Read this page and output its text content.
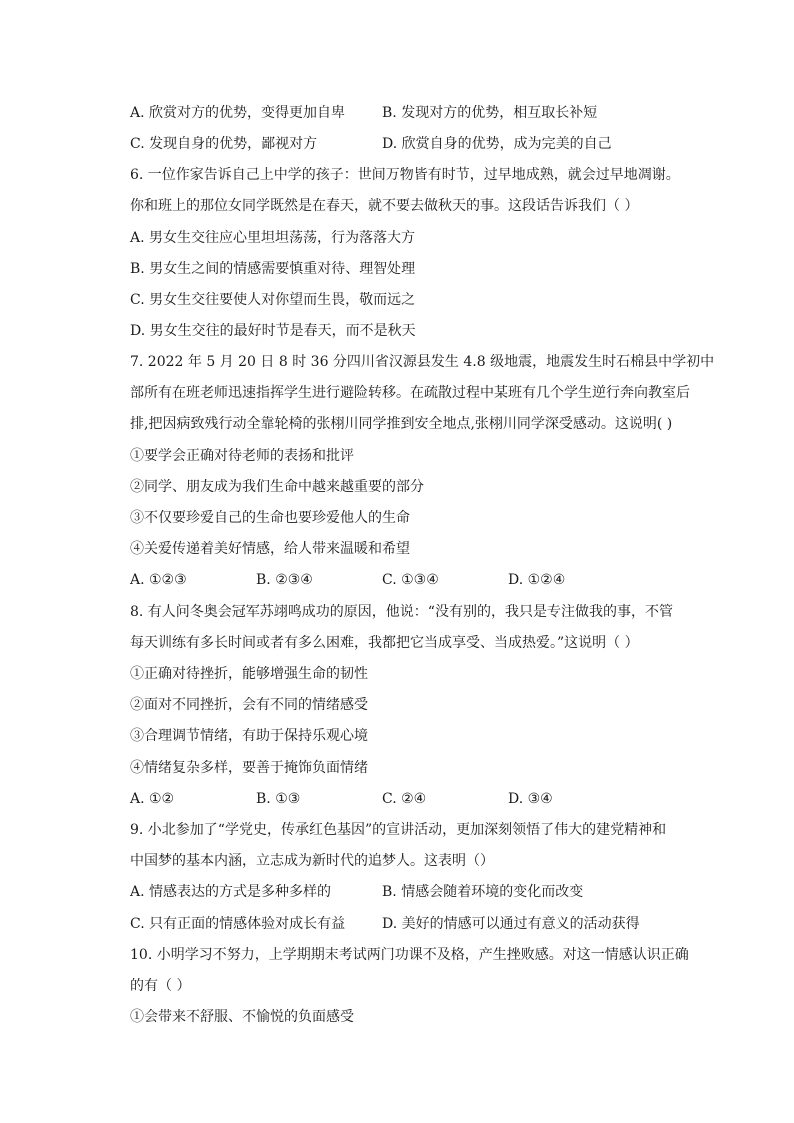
A. 欣赏对方的优势，变得更加自卑	B. 发现对方的优势，相互取长补短
C. 发现自身的优势，鄙视对方	D. 欣赏自身的优势，成为完美的自己
6. 一位作家告诉自己上中学的孩子：世间万物皆有时节，过早地成熟，就会过早地凋谢。
你和班上的那位女同学既然是在春天，就不要去做秋天的事。这段话告诉我们（ ）
A. 男女生交往应心里坦坦荡荡，行为落落大方
B. 男女生之间的情感需要慎重对待、理智处理
C. 男女生交往要使人对你望而生畏，敬而远之
D. 男女生交往的最好时节是春天，而不是秋天
7. 2022 年 5 月 20 日 8 时 36 分四川省汉源县发生 4.8 级地震，地震发生时石棉县中学初中
部所有在班老师迅速指挥学生进行避险转移。在疏散过程中某班有几个学生逆行奔向教室后
排,把因病致残行动全靠轮椅的张栩川同学推到安全地点,张栩川同学深受感动。这说明( )
①要学会正确对待老师的表扬和批评
②同学、朋友成为我们生命中越来越重要的部分
③不仅要珍爱自己的生命也要珍爱他人的生命
④关爱传递着美好情感，给人带来温暖和希望
A. ①②③	B. ②③④	C. ①③④	D. ①②④
8. 有人问冬奥会冠军苏翊鸣成功的原因，他说：“没有别的，我只是专注做我的事，不管
每天训练有多长时间或者有多么困难，我都把它当成享受、当成热爱。”这说明（ ）
①正确对待挫折，能够增强生命的韧性
②面对不同挫折，会有不同的情绪感受
③合理调节情绪，有助于保持乐观心境
④情绪复杂多样，要善于掩饰负面情绪
A. ①②	B. ①③	C. ②④	D. ③④
9. 小北参加了“学党史，传承红色基因”的宣讲活动，更加深刻领悟了伟大的建党精神和
中国梦的基本内涵，立志成为新时代的追梦人。这表明（）
A. 情感表达的方式是多种多样的	B. 情感会随着环境的变化而改变
C. 只有正面的情感体验对成长有益	D. 美好的情感可以通过有意义的活动获得
10. 小明学习不努力，上学期期末考试两门功课不及格，产生挫败感。对这一情感认识正确
的有（ ）
①会带来不舒服、不愉悦的负面感受
